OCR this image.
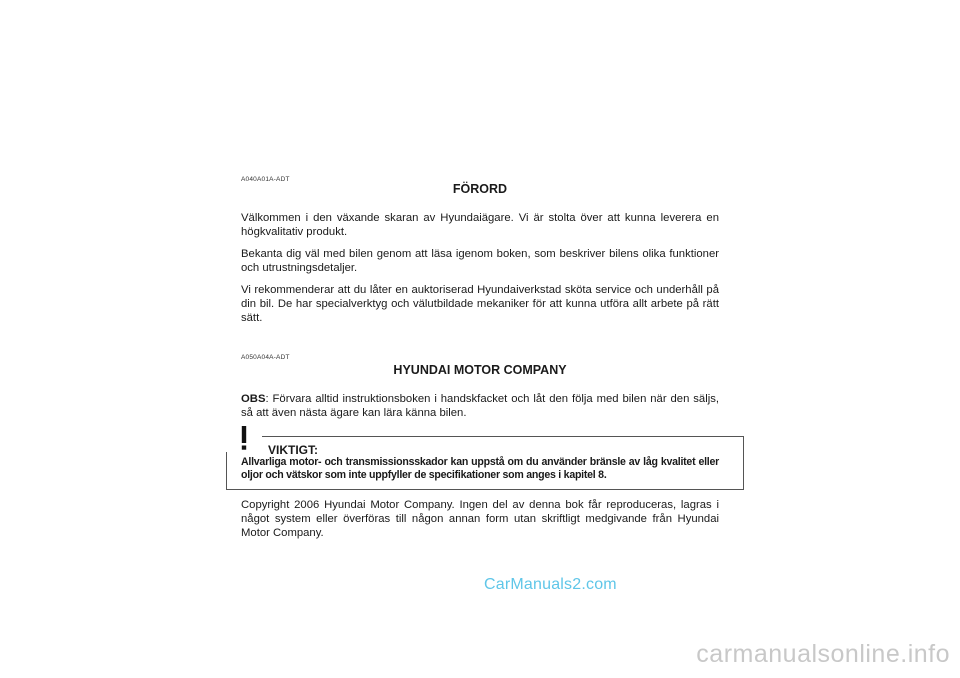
A040A01A-ADT
FÖRORD
Välkommen i den växande skaran av Hyundaiägare. Vi är stolta över att kunna leverera en högkvalitativ produkt.
Bekanta dig väl med bilen genom att läsa igenom boken, som beskriver bilens olika funktioner och utrustningsdetaljer.
Vi rekommenderar att du låter en auktoriserad Hyundaiverkstad sköta service och underhåll på din bil. De har specialverktyg och välutbildade mekaniker för att kunna utföra allt arbete på rätt sätt.
A050A04A-ADT
HYUNDAI MOTOR COMPANY
OBS: Förvara alltid instruktionsboken i handskfacket och låt den följa med bilen när den säljs, så att även nästa ägare kan lära känna bilen.
VIKTIGT:
Allvarliga motor- och transmissionsskador kan uppstå om du använder bränsle av låg kvalitet eller oljor och vätskor som inte uppfyller de specifikationer som anges i kapitel 8.
Copyright 2006 Hyundai Motor Company. Ingen del av denna bok får reproduceras, lagras i något system eller överföras till någon annan form utan skriftligt medgivande från Hyundai Motor Company.
CarManuals2.com
carmanualsonline.info
